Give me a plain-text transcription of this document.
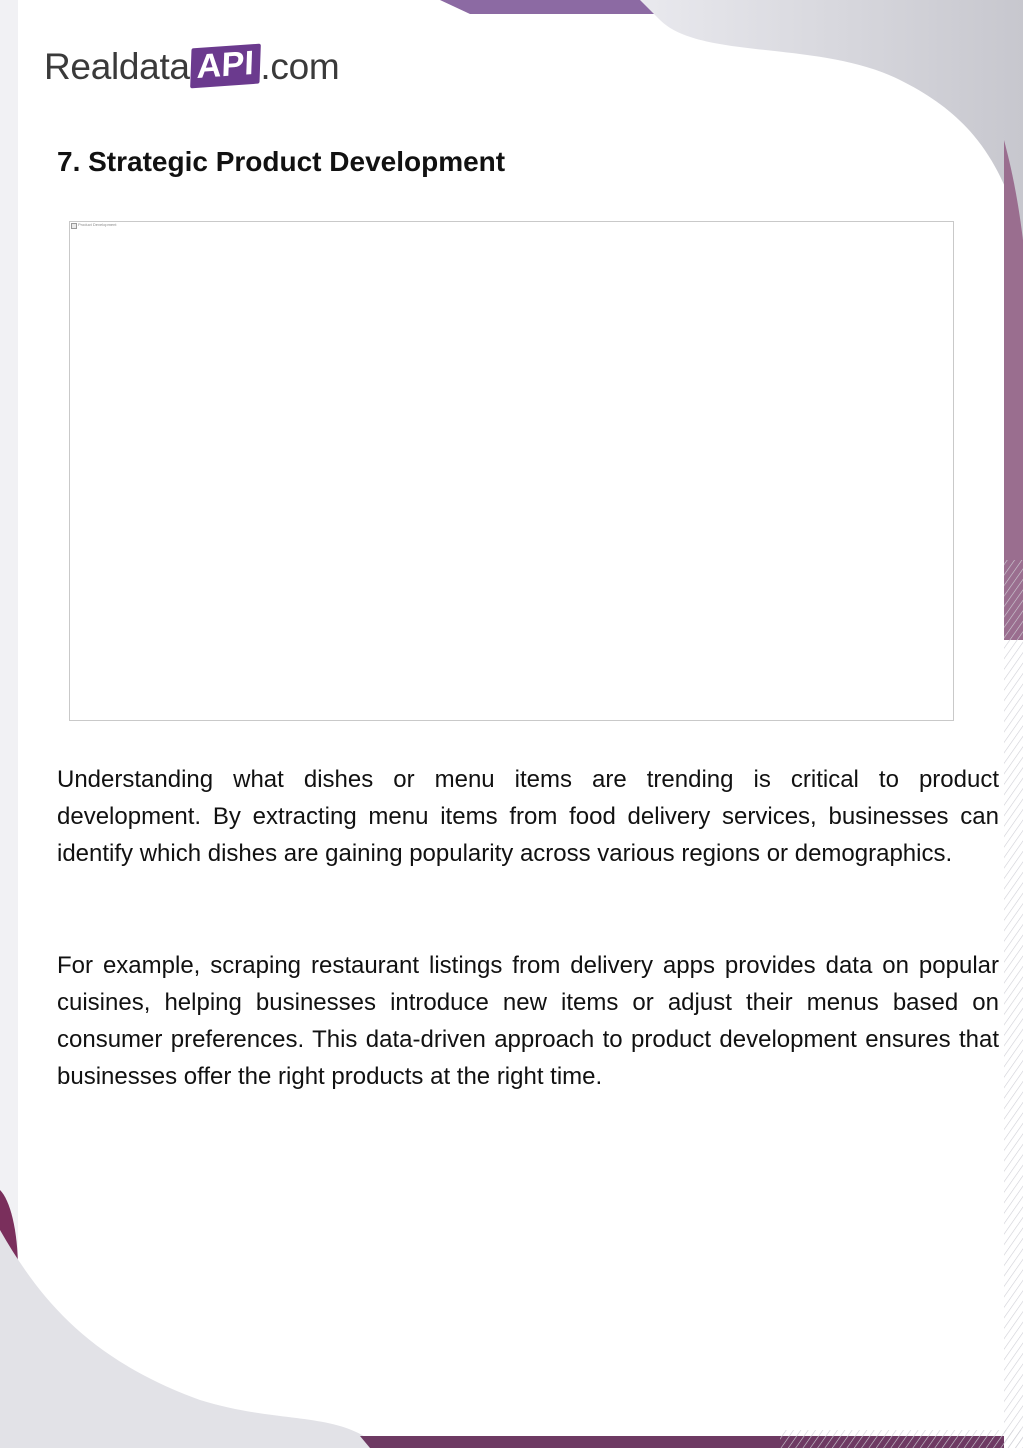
Realdata API .com
7. Strategic Product Development
Product Development

Understanding what dishes or menu items are trending is critical to product development. By extracting menu items from food delivery services, businesses can identify which dishes are gaining popularity across various regions or demographics.

For example, scraping restaurant listings from delivery apps provides data on popular cuisines, helping businesses introduce new items or adjust their menus based on consumer preferences. This data-driven approach to product development ensures that businesses offer the right products at the right time.
